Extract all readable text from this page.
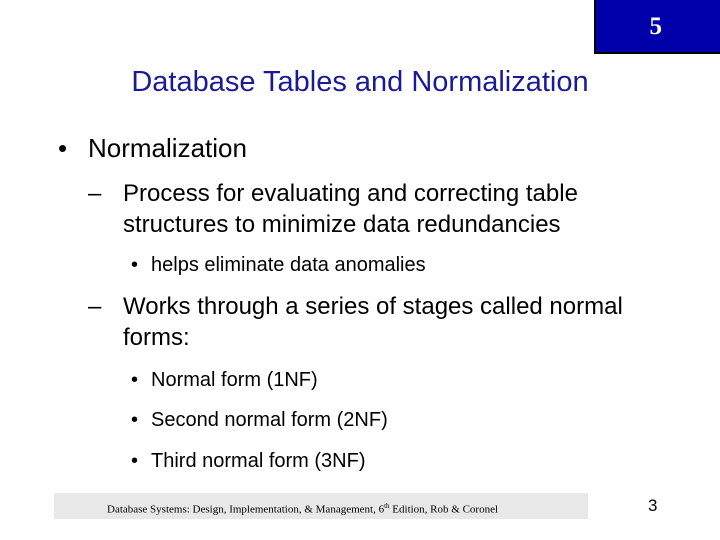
5
Database Tables and Normalization
• Normalization
– Process for evaluating and correcting table structures to minimize data redundancies
• helps eliminate data anomalies
– Works through a series of stages called normal forms:
• Normal form (1NF)
• Second normal form (2NF)
• Third normal form (3NF)
Database Systems: Design, Implementation, & Management, 6th Edition, Rob & Coronel	3
